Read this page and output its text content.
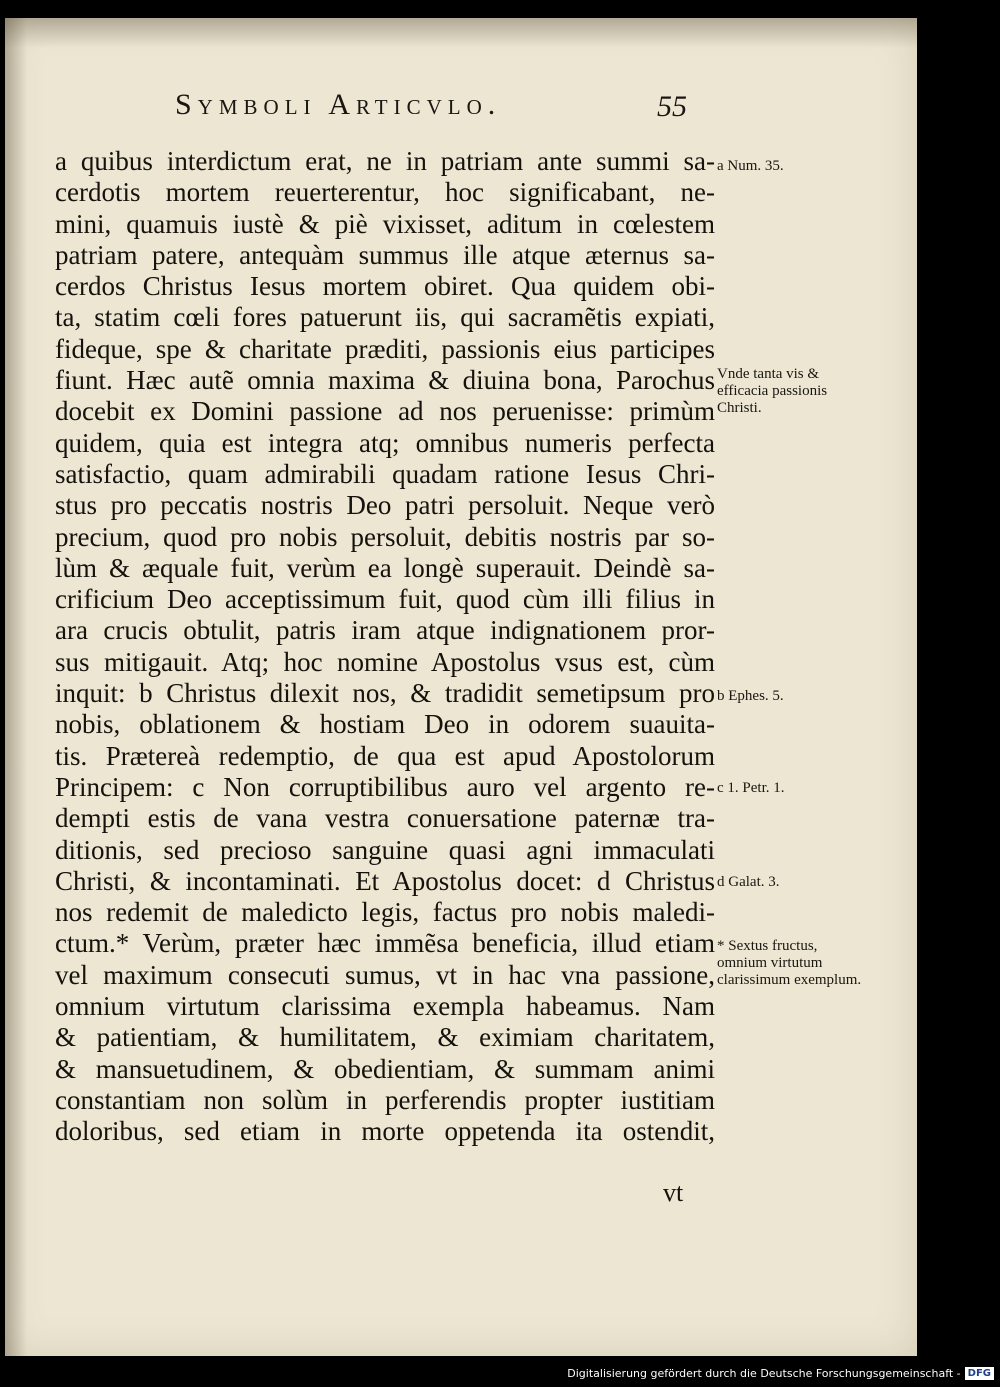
Symboli Articvlo.	55
a quibus interdictum erat, ne in patriam ante summi sa-
cerdotis mortem reuerterentur, hoc significabant, ne-
mini, quamuis iustè & piè vixisset, aditum in cœlestem
patriam patere, antequàm summus ille atque æternus sa-
cerdos Christus Iesus mortem obiret. Qua quidem obi-
ta, statim cœli fores patuerunt iis, qui sacramẽtis expiati,
fideque, spe & charitate præditi, passionis eius participes
fiunt. Hæc autẽ omnia maxima & diuina bona, Parochus
docebit ex Domini passione ad nos peruenisse: primùm
quidem, quia est integra atq; omnibus numeris perfecta
satisfactio, quam admirabili quadam ratione Iesus Chri-
stus pro peccatis nostris Deo patri persoluit. Neque verò
precium, quod pro nobis persoluit, debitis nostris par so-
lùm & æquale fuit, verùm ea longè superauit. Deindè sa-
crificium Deo acceptissimum fuit, quod cùm illi filius in
ara crucis obtulit, patris iram atque indignationem pror-
sus mitigauit. Atq; hoc nomine Apostolus vsus est, cùm
inquit: b Christus dilexit nos, & tradidit semetipsum pro
nobis, oblationem & hostiam Deo in odorem suauita-
tis. Prætereà redemptio, de qua est apud Apostolorum
Principem: c Non corruptibilibus auro vel argento re-
dempti estis de vana vestra conuersatione paternæ tra-
ditionis, sed precioso sanguine quasi agni immaculati
Christi, & incontaminati. Et Apostolus docet: d Christus
nos redemit de maledicto legis, factus pro nobis maledi-
ctum.* Verùm, præter hæc immẽsa beneficia, illud etiam
vel maximum consecuti sumus, vt in hac vna passione,
omnium virtutum clarissima exempla habeamus. Nam
& patientiam, & humilitatem, & eximiam charitatem,
& mansuetudinem, & obedientiam, & summam animi
constantiam non solùm in perferendis propter iustitiam
doloribus, sed etiam in morte oppetenda ita ostendit,
vt
a Num. 35.
Vnde tanta vis & efficacia passionis Christi.
b Ephes. 5.
c 1. Petr. 1.
d Galat. 3.
* Sextus fructus, omnium virtutum clarissimum exemplum.
Digitalisierung gefördert durch die Deutsche Forschungsgemeinschaft - DFG
